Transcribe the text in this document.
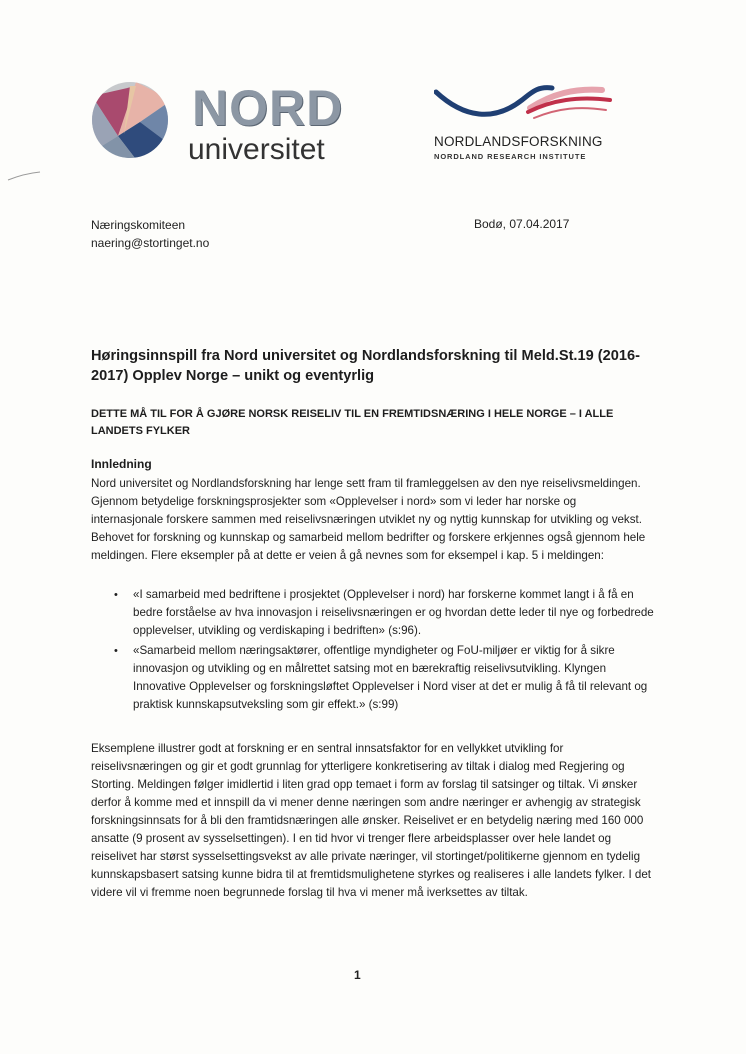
NORD
universitet	NORDLANDSFORSKNING
NORDLAND RESEARCH INSTITUTE
Næringskomiteen
naering@stortinget.no
Bodø, 07.04.2017
Høringsinnspill fra Nord universitet og Nordlandsforskning til Meld.St.19 (2016-2017) Opplev Norge – unikt og eventyrlig
DETTE MÅ TIL FOR Å GJØRE NORSK REISELIV TIL EN FREMTIDSNÆRING I HELE NORGE – I ALLE LANDETS FYLKER
Innledning
Nord universitet og Nordlandsforskning har lenge sett fram til framleggelsen av den nye reiselivsmeldingen. Gjennom betydelige forskningsprosjekter som «Opplevelser i nord» som vi leder har norske og internasjonale forskere sammen med reiselivsnæringen utviklet ny og nyttig kunnskap for utvikling og vekst. Behovet for forskning og kunnskap og samarbeid mellom bedrifter og forskere erkjennes også gjennom hele meldingen. Flere eksempler på at dette er veien å gå nevnes som for eksempel i kap. 5 i meldingen:
• «I samarbeid med bedriftene i prosjektet (Opplevelser i nord) har forskerne kommet langt i å få en bedre forståelse av hva innovasjon i reiselivsnæringen er og hvordan dette leder til nye og forbedrede opplevelser, utvikling og verdiskaping i bedriften» (s:96).
• «Samarbeid mellom næringsaktører, offentlige myndigheter og FoU-miljøer er viktig for å sikre innovasjon og utvikling og en målrettet satsing mot en bærekraftig reiselivsutvikling. Klyngen Innovative Opplevelser og forskningsløftet Opplevelser i Nord viser at det er mulig å få til relevant og praktisk kunnskapsutveksling som gir effekt.» (s:99)
Eksemplene illustrer godt at forskning er en sentral innsatsfaktor for en vellykket utvikling for reiselivsnæringen og gir et godt grunnlag for ytterligere konkretisering av tiltak i dialog med Regjering og Storting. Meldingen følger imidlertid i liten grad opp temaet i form av forslag til satsinger og tiltak. Vi ønsker derfor å komme med et innspill da vi mener denne næringen som andre næringer er avhengig av strategisk forskningsinnsats for å bli den framtidsnæringen alle ønsker. Reiselivet er en betydelig næring med 160 000 ansatte (9 prosent av sysselsettingen). I en tid hvor vi trenger flere arbeidsplasser over hele landet og reiselivet har størst sysselsettingsvekst av alle private næringer, vil stortinget/politikerne gjennom en tydelig kunnskapsbasert satsing kunne bidra til at fremtidsmulighetene styrkes og realiseres i alle landets fylker. I det videre vil vi fremme noen begrunnede forslag til hva vi mener må iverksettes av tiltak.
1
